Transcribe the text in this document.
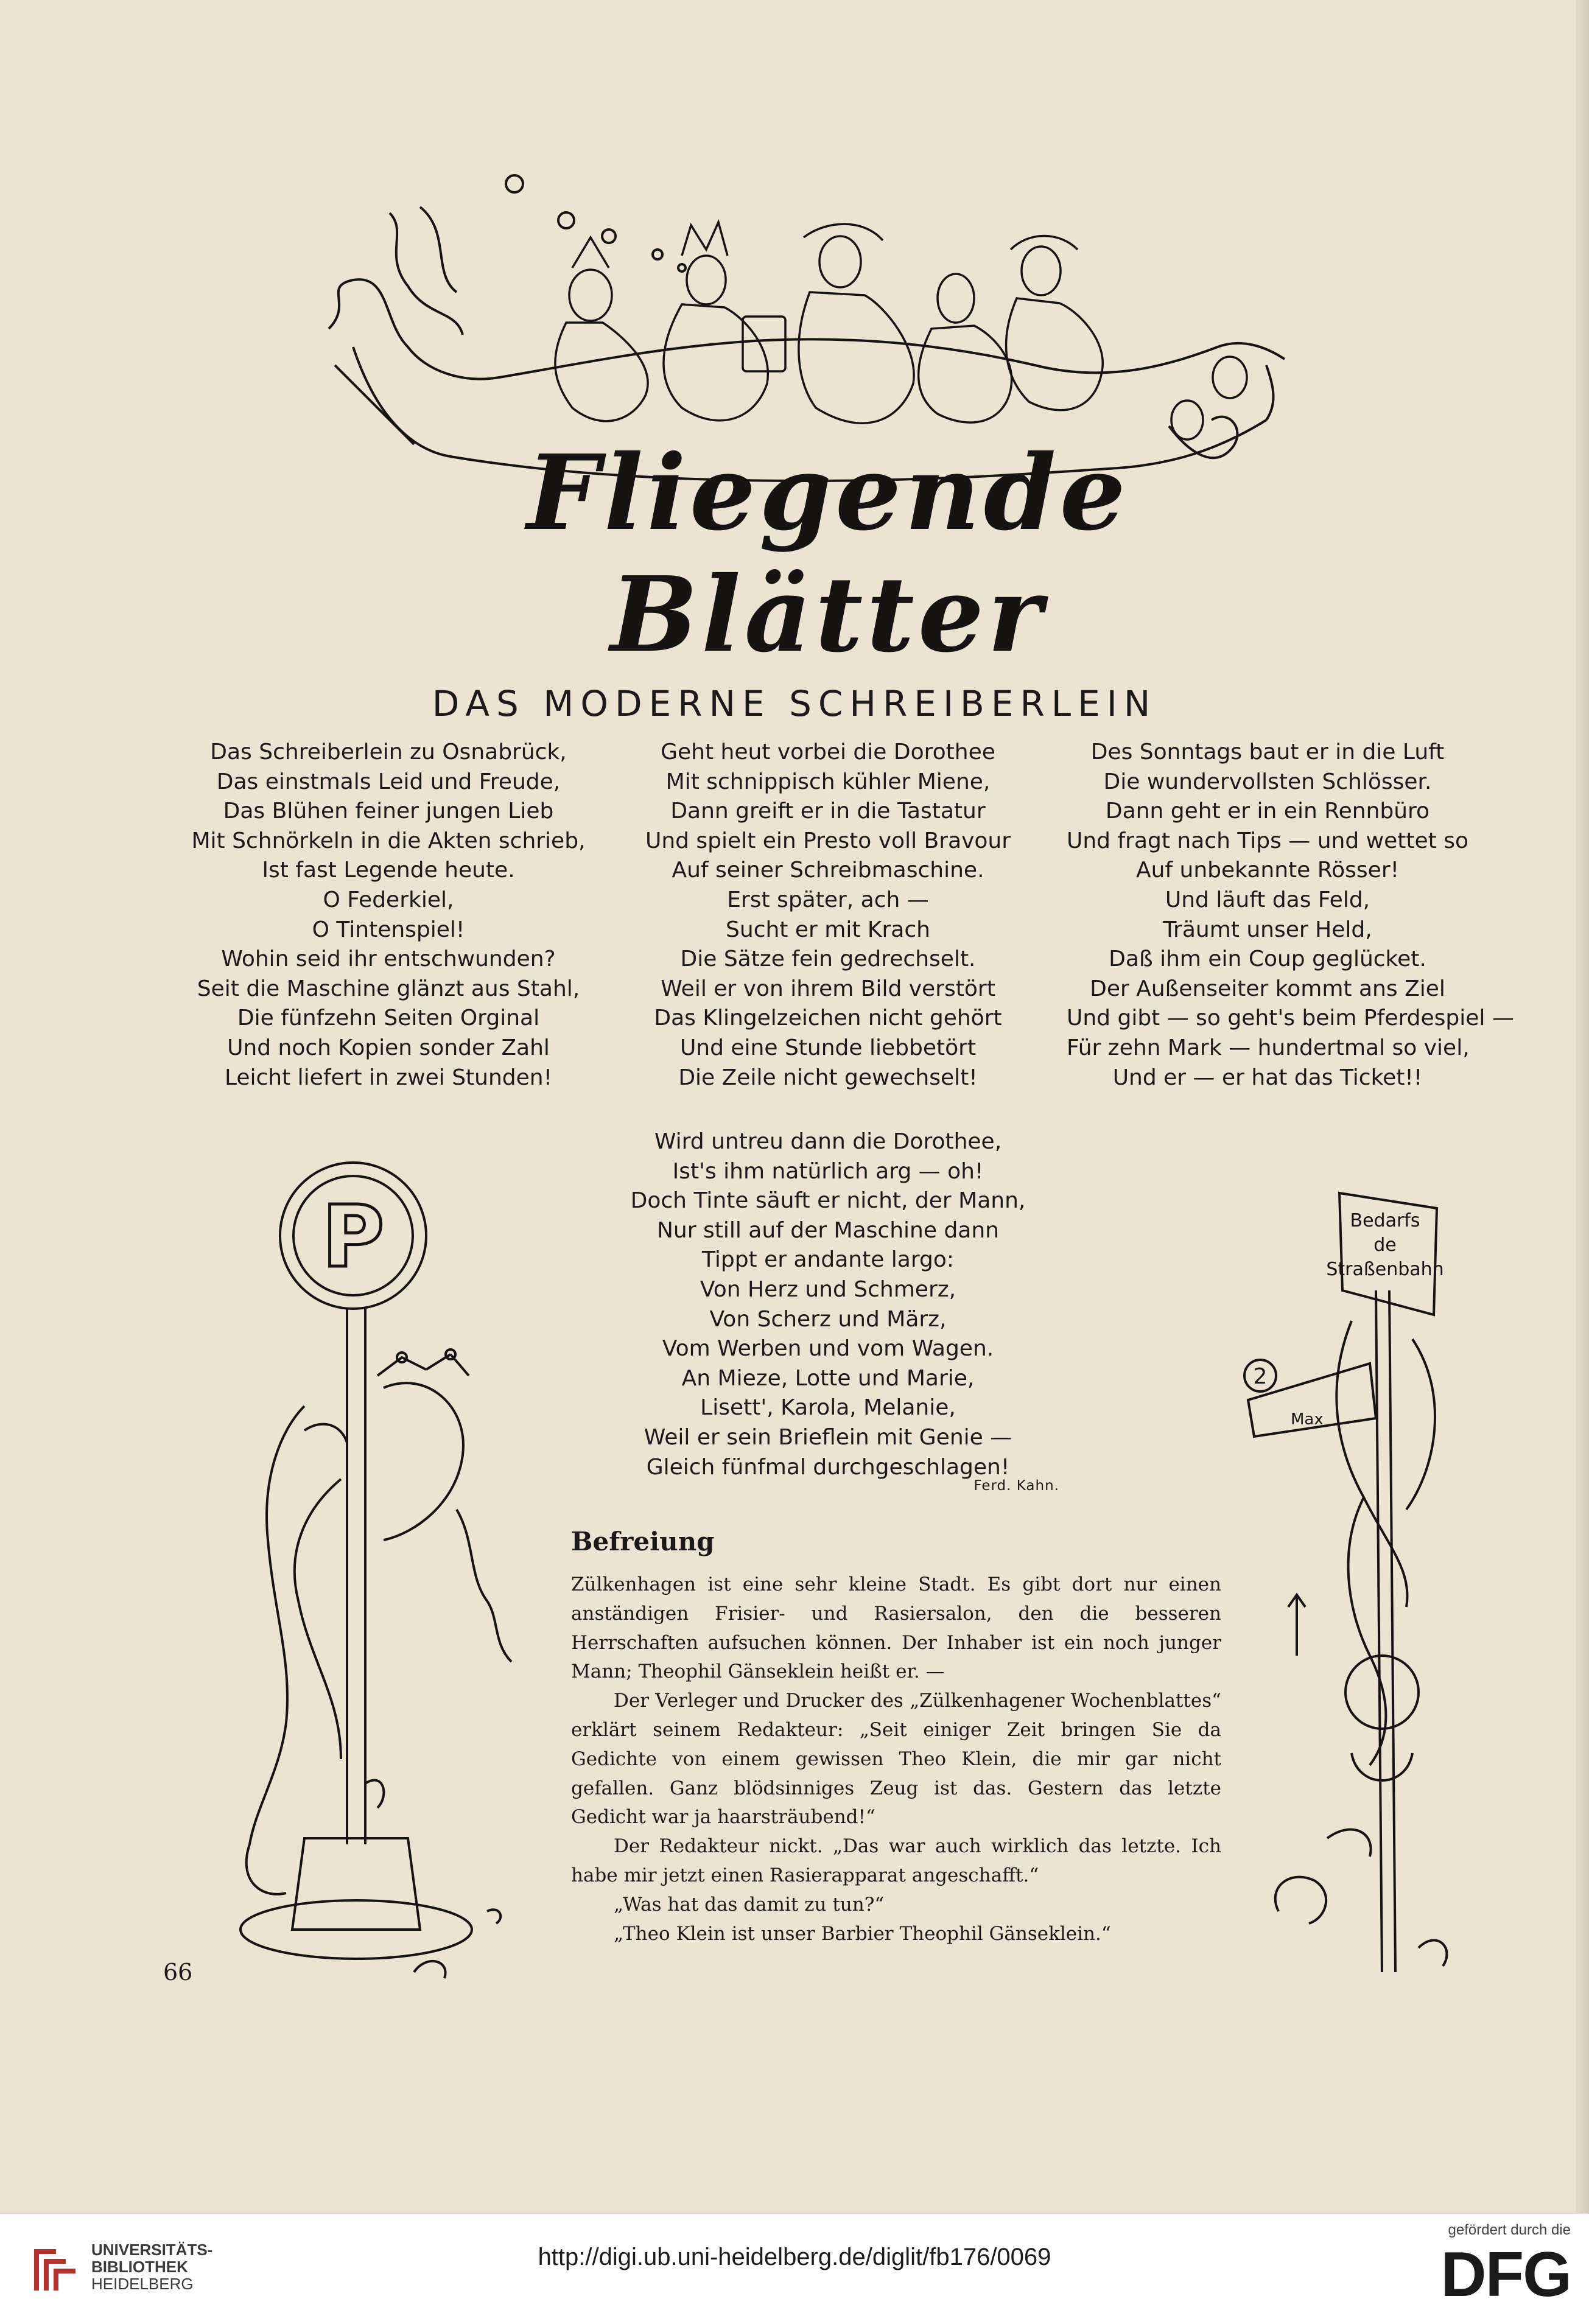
Fliegende Blätter
DAS MODERNE SCHREIBERLEIN
Das Schreiberlein zu Osnabrück,
Das einstmals Leid und Freude,
Das Blühen feiner jungen Lieb
Mit Schnörkeln in die Akten schrieb,
Ist fast Legende heute.
O Federkiel,
O Tintenspiel!
Wohin seid ihr entschwunden?
Seit die Maschine glänzt aus Stahl,
Die fünfzehn Seiten Orginal
Und noch Kopien sonder Zahl
Leicht liefert in zwei Stunden!
Geht heut vorbei die Dorothee
Mit schnippisch kühler Miene,
Dann greift er in die Tastatur
Und spielt ein Presto voll Bravour
Auf seiner Schreibmaschine.
Erst später, ach —
Sucht er mit Krach
Die Sätze fein gedrechselt.
Weil er von ihrem Bild verstört
Das Klingelzeichen nicht gehört
Und eine Stunde liebbetört
Die Zeile nicht gewechselt!
Des Sonntags baut er in die Luft
Die wundervollsten Schlösser.
Dann geht er in ein Rennbüro
Und fragt nach Tips — und wettet so
Auf unbekannte Rösser!
Und läuft das Feld,
Träumt unser Held,
Daß ihm ein Coup geglücket.
Der Außenseiter kommt ans Ziel
Und gibt — so geht's beim Pferdespiel —
Für zehn Mark — hundertmal so viel,
Und er — er hat das Ticket!!
Wird untreu dann die Dorothee,
Ist's ihm natürlich arg — oh!
Doch Tinte säuft er nicht, der Mann,
Nur still auf der Maschine dann
Tippt er andante largo:
Von Herz und Schmerz,
Von Scherz und März,
Vom Werben und vom Wagen.
An Mieze, Lotte und Marie,
Lisett', Karola, Melanie,
Weil er sein Brieflein mit Genie —
Gleich fünfmal durchgeschlagen!
Ferd. Kahn.
Befreiung

Zülkenhagen ist eine sehr kleine Stadt. Es gibt dort nur einen anständigen Frisier- und Rasiersalon, den die besseren Herrschaften aufsuchen können. Der Inhaber ist ein noch junger Mann; Theophil Gänseklein heißt er. —

Der Verleger und Drucker des „Zülkenhagener Wochenblattes“ erklärt seinem Redakteur: „Seit einiger Zeit bringen Sie da Gedichte von einem gewissen Theo Klein, die mir gar nicht gefallen. Ganz blödsinniges Zeug ist das. Gestern das letzte Gedicht war ja haarsträubend!“

Der Redakteur nickt. „Das war auch wirklich das letzte. Ich habe mir jetzt einen Rasierapparat angeschafft.“

„Was hat das damit zu tun?“

„Theo Klein ist unser Barbier Theophil Gänseklein.“

P	Bedarfs
de
Straßenbahn
2
Max
66
UNIVERSITÄTS-
BIBLIOTHEK
HEIDELBERG
http://digi.ub.uni-heidelberg.de/diglit/fb176/0069
gefördert durch die
DFG
